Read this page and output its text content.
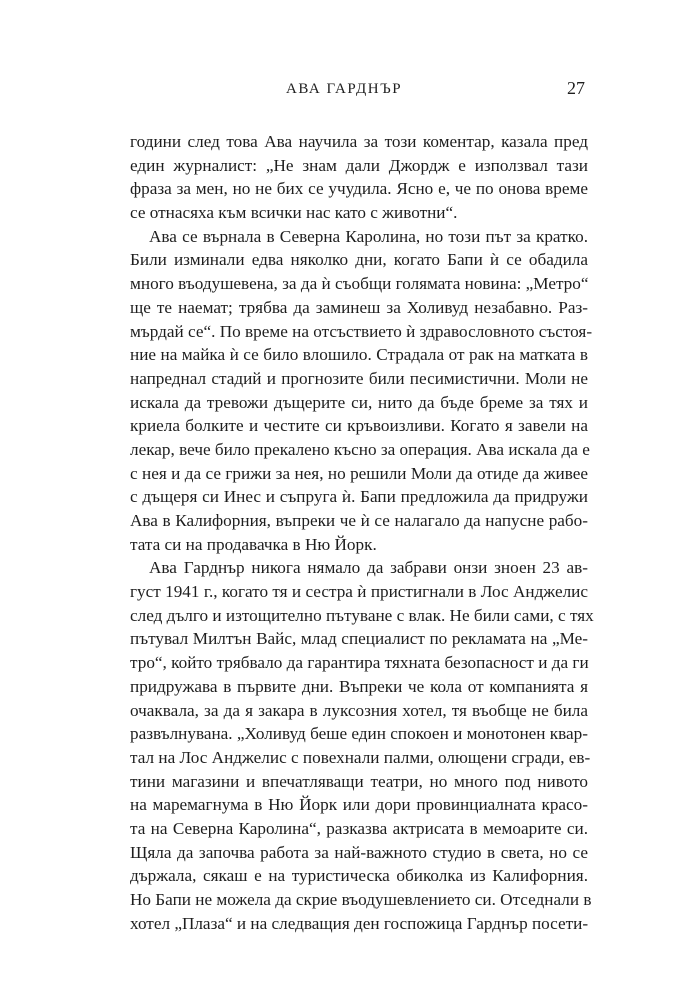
АВА ГАРДНЪР	27
години след това Ава научила за този коментар, казала пред
един журналист: „Не знам дали Джордж е използвал тази
фраза за мен, но не бих се учудила. Ясно е, че по онова време
се отнасяха към всички нас като с животни“.
Ава се върнала в Северна Каролина, но този път за кратко.
Били изминали едва няколко дни, когато Бапи ѝ се обадила
много въодушевена, за да ѝ съобщи голямата новина: „Метро“
ще те наемат; трябва да заминеш за Холивуд незабавно. Раз-
мърдай се“. По време на отсъствието ѝ здравословното състоя-
ние на майка ѝ се било влошило. Страдала от рак на матката в
напреднал стадий и прогнозите били песимистични. Моли не
искала да тревожи дъщерите си, нито да бъде бреме за тях и
криела болките и честите си кръвоизливи. Когато я завели на
лекар, вече било прекалено късно за операция. Ава искала да е
с нея и да се грижи за нея, но решили Моли да отиде да живее
с дъщеря си Инес и съпруга ѝ. Бапи предложила да придружи
Ава в Калифорния, въпреки че ѝ се налагало да напусне рабо-
тата си на продавачка в Ню Йорк.
Ава Гарднър никога нямало да забрави онзи зноен 23 ав-
густ 1941 г., когато тя и сестра ѝ пристигнали в Лос Анджелис
след дълго и изтощително пътуване с влак. Не били сами, с тях
пътувал Милтън Вайс, млад специалист по рекламата на „Ме-
тро“, който трябвало да гарантира тяхната безопасност и да ги
придружава в първите дни. Въпреки че кола от компанията я
очаквала, за да я закара в луксозния хотел, тя въобще не била
развълнувана. „Холивуд беше един спокоен и монотонен квар-
тал на Лос Анджелис с повехнали палми, олющени сгради, ев-
тини магазини и впечатляващи театри, но много под нивото
на маремагнума в Ню Йорк или дори провинциалната красо-
та на Северна Каролина“, разказва актрисата в мемоарите си.
Щяла да започва работа за най-важното студио в света, но се
държала, сякаш е на туристическа обиколка из Калифорния.
Но Бапи не можела да скрие въодушевлението си. Отседнали в
хотел „Плаза“ и на следващия ден госпожица Гарднър посети-
